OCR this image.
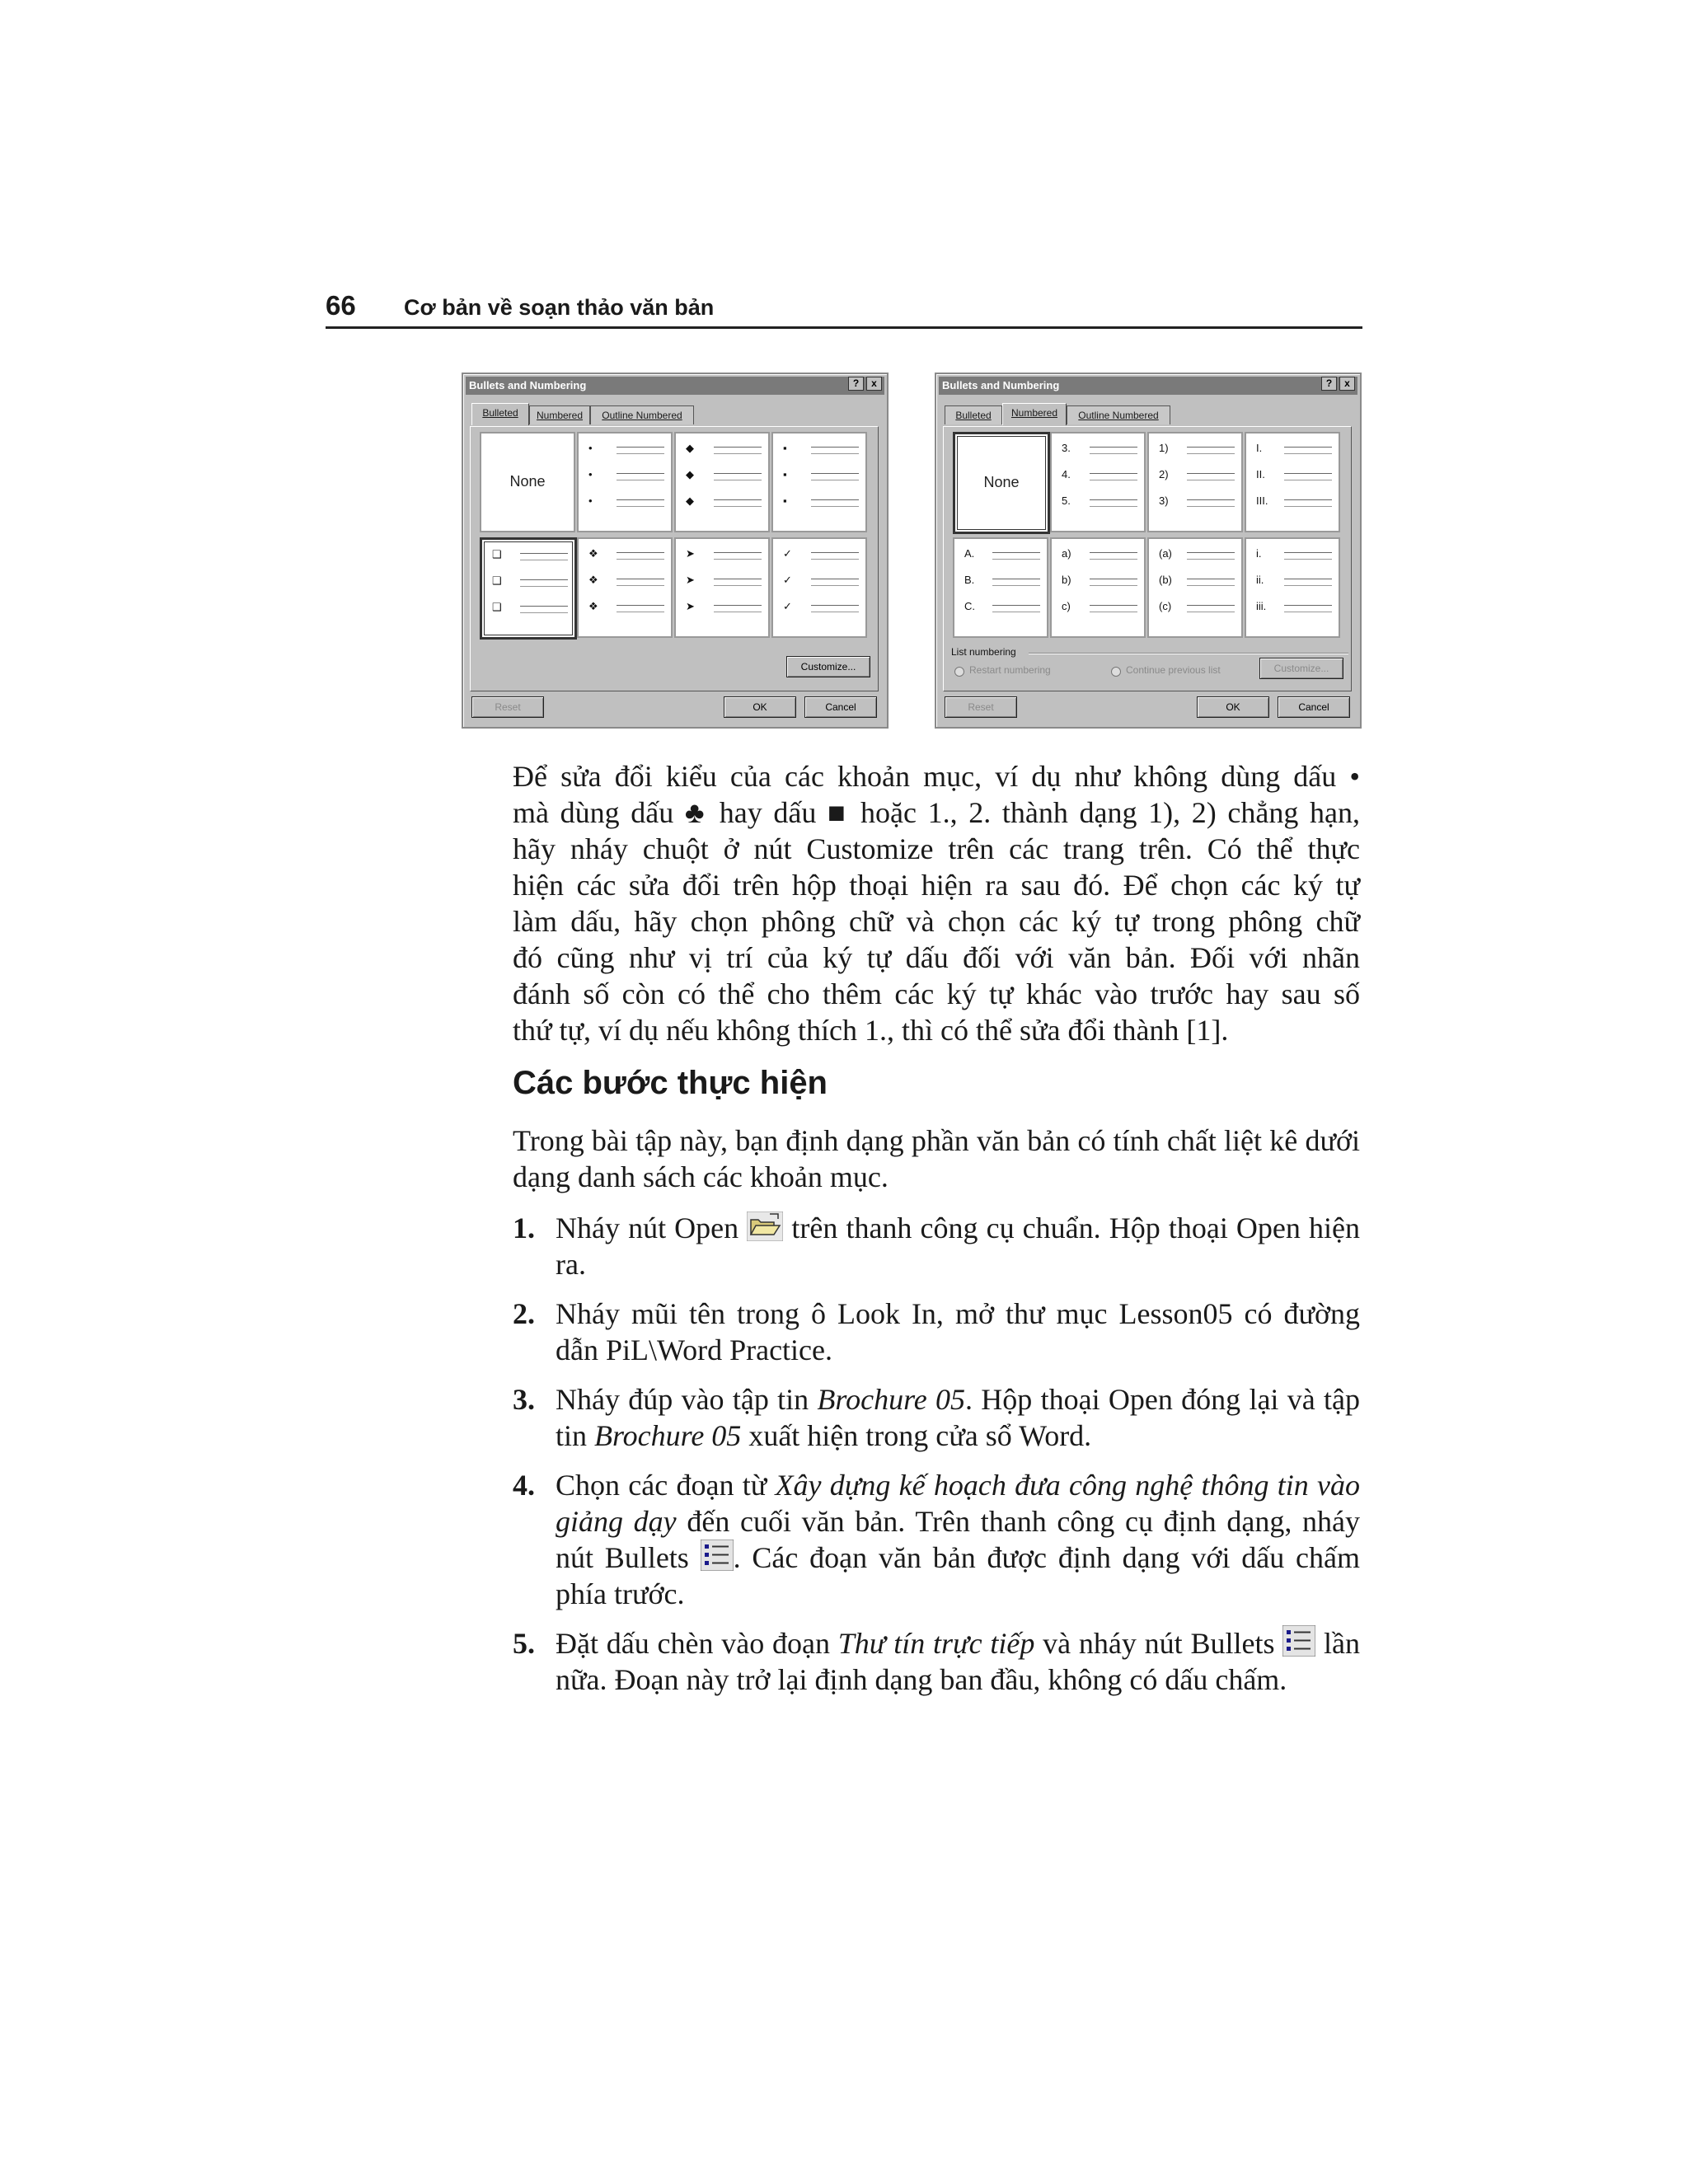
66 Cơ bản về soạn thảo văn bản
Bullets and Numbering	?	x
Bulleted	Numbered	Outline Numbered
Customize...
Reset	OK	Cancel
None
•
•
•
◆
◆
◆
▪
▪
▪
❑
❑
❑
❖
❖
❖
➤
➤
➤
✓
✓
✓
Bullets and Numbering	?	x
Bulleted	Numbered	Outline Numbered
List numbering
Restart numbering	Continue previous list	Customize...
Reset	OK	Cancel
None
3.
4.
5.
1)
2)
3)
I.
II.
III.
A.
B.
C.
a)
b)
c)
(a)
(b)
(c)
i.
ii.
iii.
Để sửa đổi kiểu của các khoản mục, ví dụ như không dùng dấu •
mà dùng dấu ♣ hay dấu ■ hoặc 1., 2. thành dạng 1), 2) chẳng hạn,
hãy nháy chuột ở nút Customize trên các trang trên. Có thể thực
hiện các sửa đổi trên hộp thoại hiện ra sau đó. Để chọn các ký tự
làm dấu, hãy chọn phông chữ và chọn các ký tự trong phông chữ
đó cũng như vị trí của ký tự dấu đối với văn bản. Đối với nhãn
đánh số còn có thể cho thêm các ký tự khác vào trước hay sau số
thứ tự, ví dụ nếu không thích 1., thì có thể sửa đổi thành [1].
Các bước thực hiện
Trong bài tập này, bạn định dạng phần văn bản có tính chất liệt kê dưới dạng danh sách các khoản mục.
1. Nháy nút Open  trên thanh công cụ chuẩn. Hộp thoại Open hiện ra.
2. Nháy mũi tên trong ô Look In, mở thư mục Lesson05 có đường dẫn PiL\Word Practice.
3. Nháy đúp vào tập tin Brochure 05. Hộp thoại Open đóng lại và tập tin Brochure 05 xuất hiện trong cửa sổ Word.
4. Chọn các đoạn từ Xây dựng kế hoạch đưa công nghệ thông tin vào giảng dạy đến cuối văn bản. Trên thanh công cụ định dạng, nháy nút Bullets . Các đoạn văn bản được định dạng với dấu chấm phía trước.
5. Đặt dấu chèn vào đoạn Thư tín trực tiếp và nháy nút Bullets  lần nữa. Đoạn này trở lại định dạng ban đầu, không có dấu chấm.
